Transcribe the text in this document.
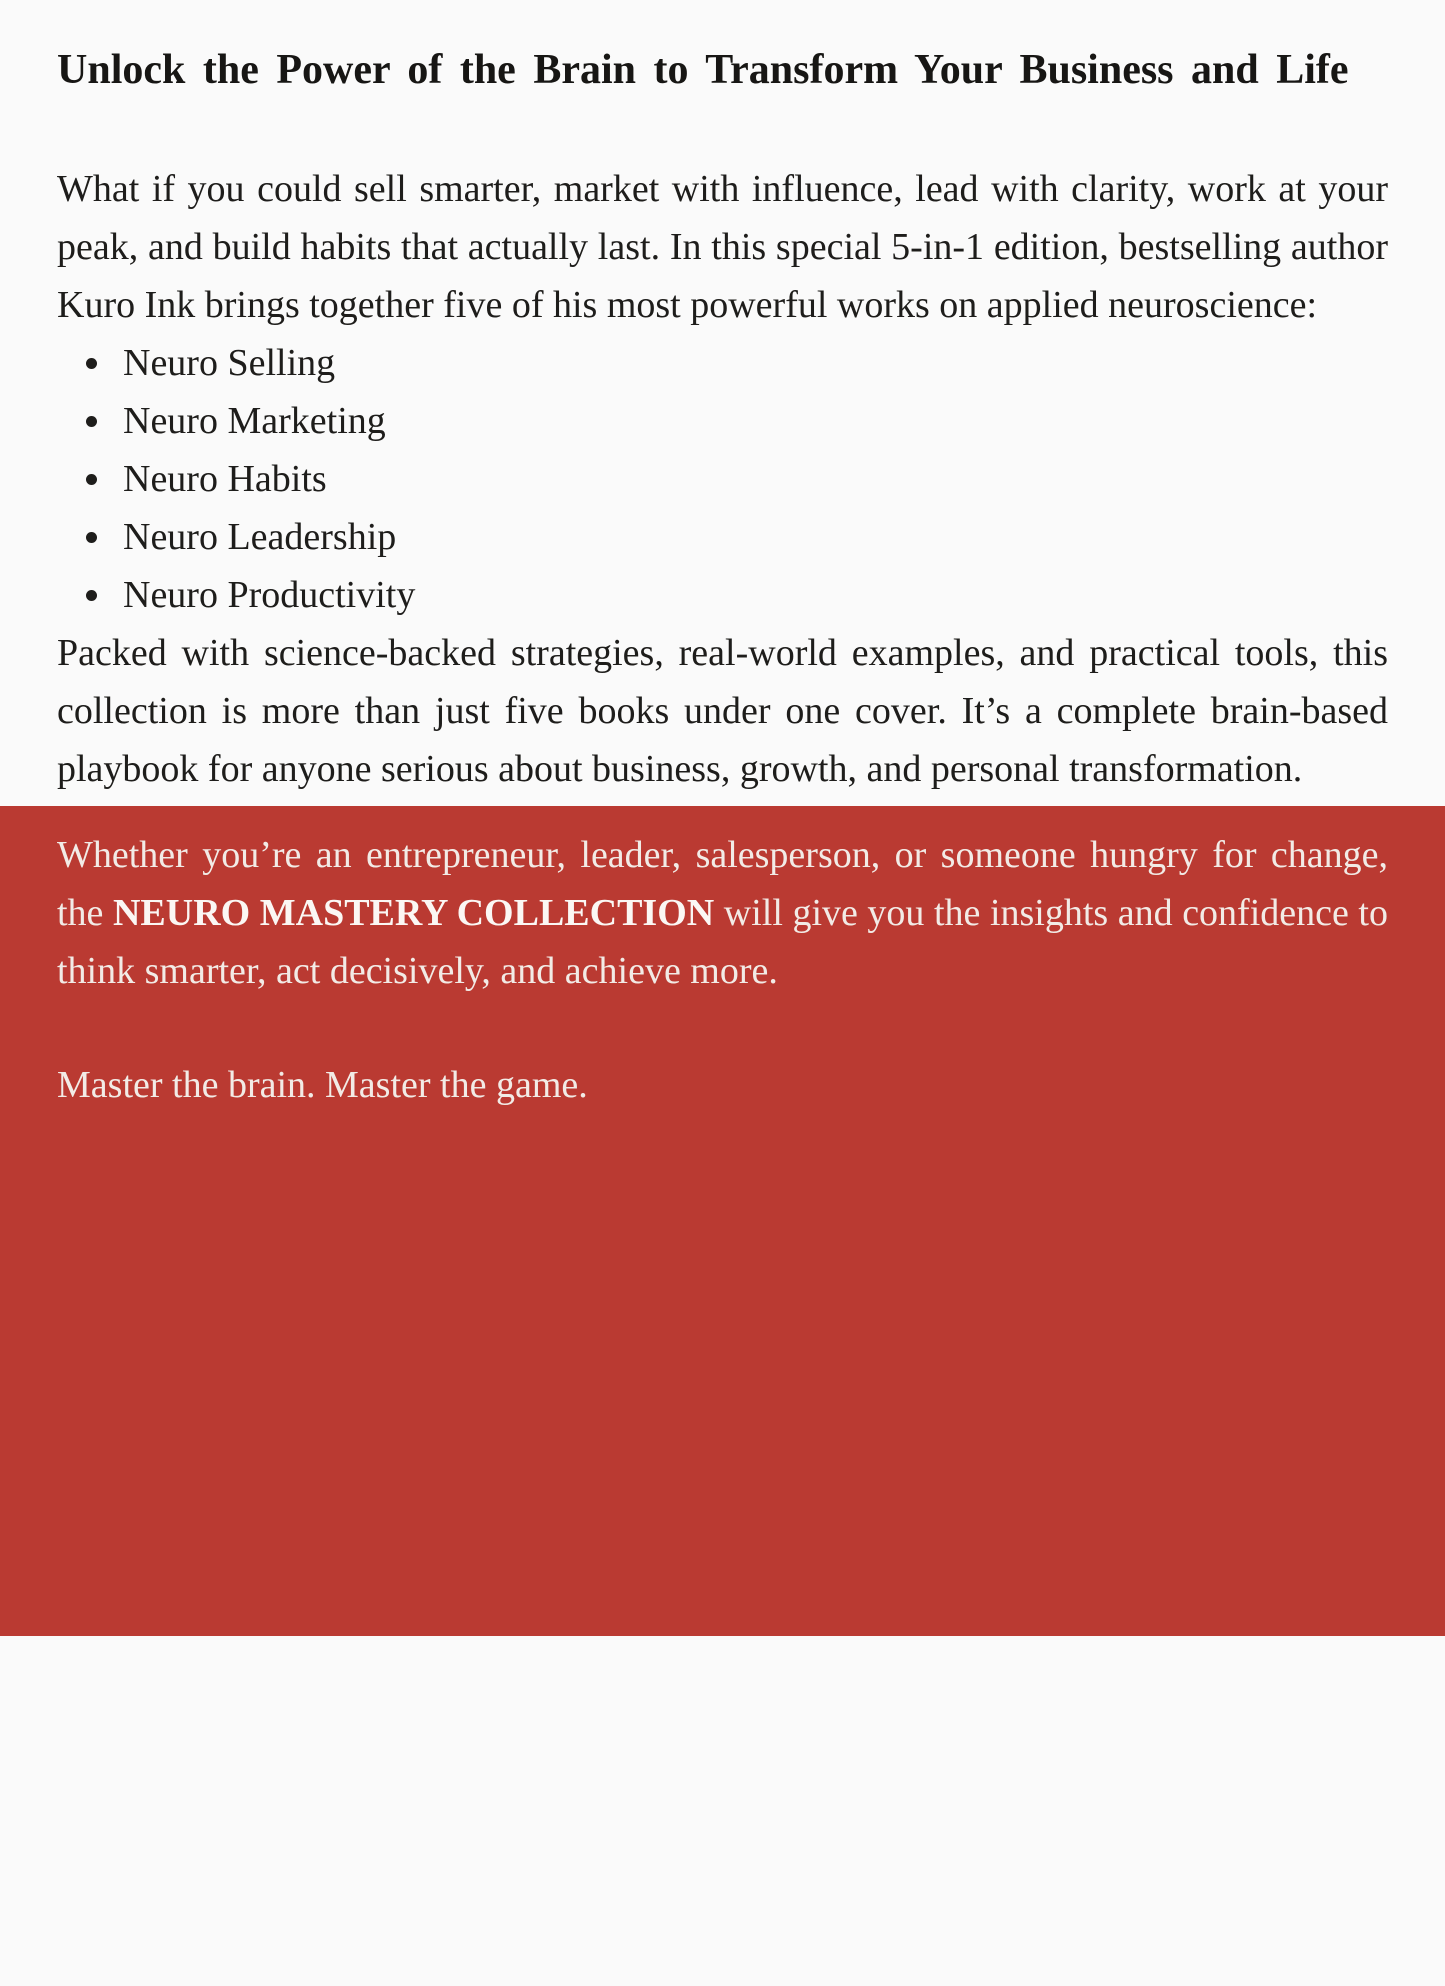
Unlock the Power of the Brain to Transform Your Business and Life

What if you could sell smarter, market with influence, lead with clarity, work at your peak, and build habits that actually last. In this special 5-in-1 edition, bestselling author Kuro Ink brings together five of his most powerful works on applied neuroscience:

• Neuro Selling
• Neuro Marketing
• Neuro Habits
• Neuro Leadership
• Neuro Productivity

Packed with science-backed strategies, real-world examples, and practical tools, this collection is more than just five books under one cover. It’s a complete brain-based playbook for anyone serious about business, growth, and personal transformation.

Whether you’re an entrepreneur, leader, salesperson, or someone hungry for change, the NEURO MASTERY COLLECTION will give you the insights and confidence to think smarter, act decisively, and achieve more.

Master the brain. Master the game.
